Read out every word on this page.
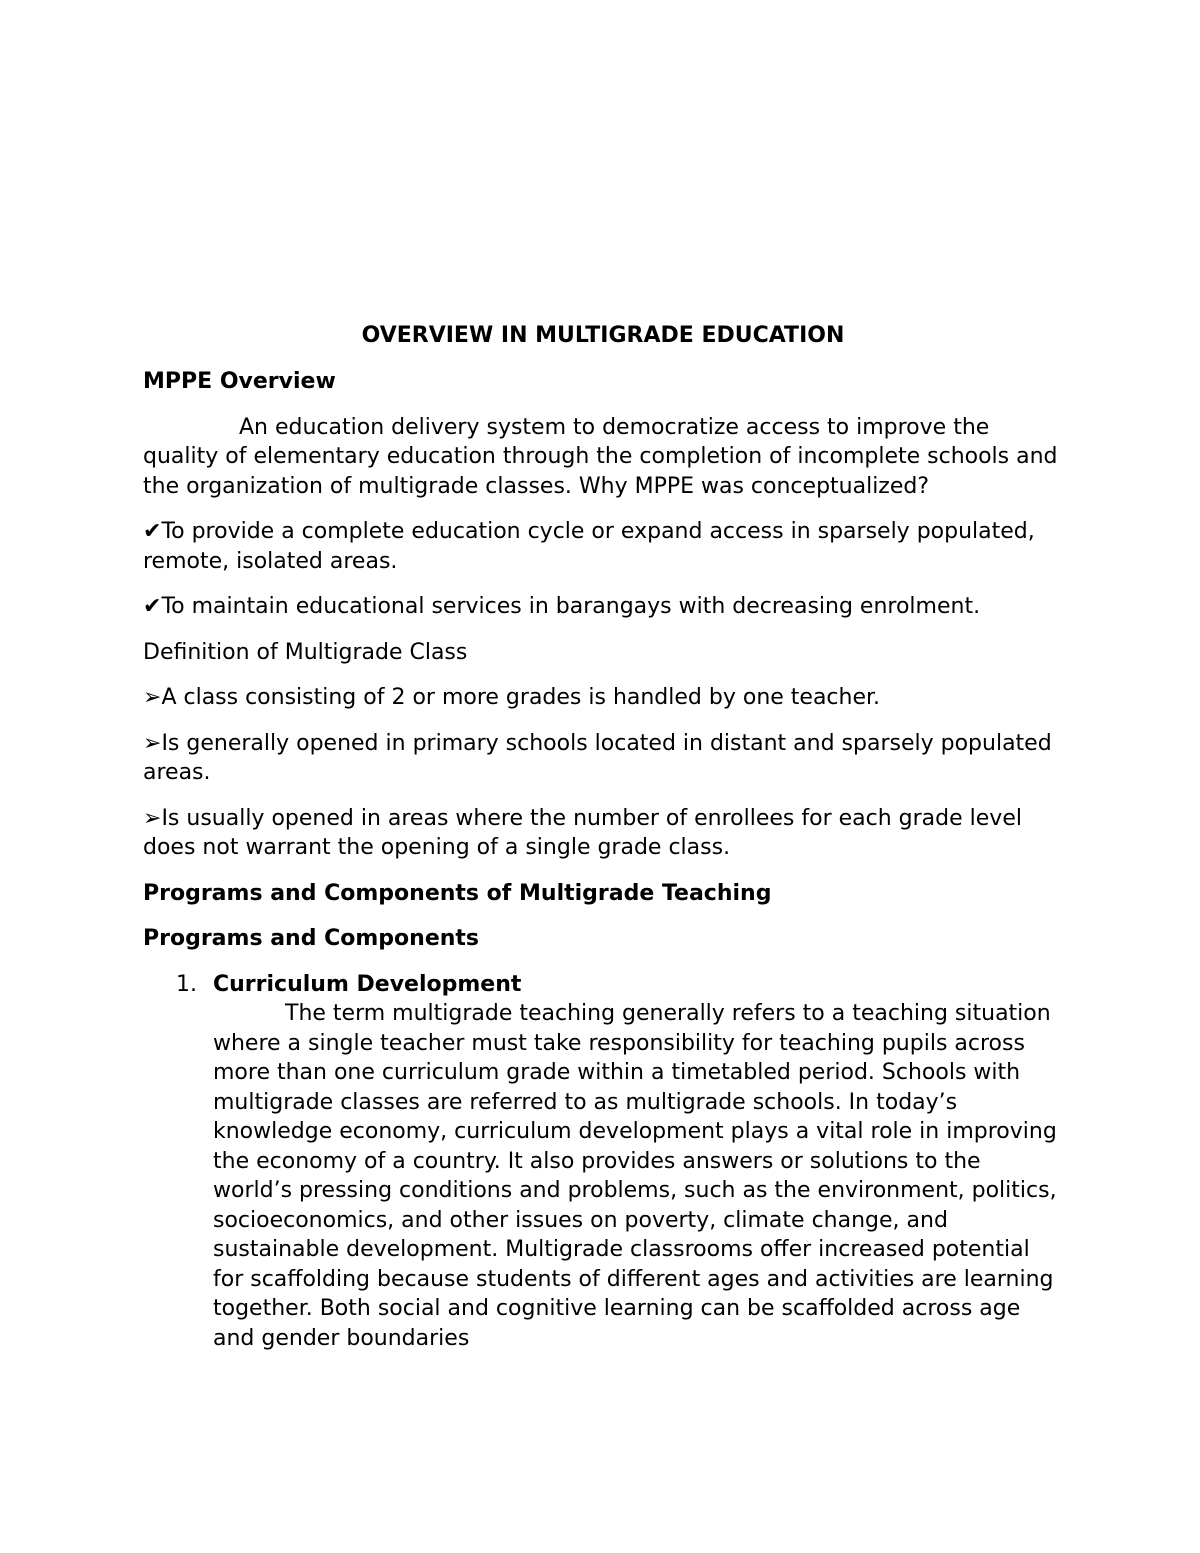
OVERVIEW IN MULTIGRADE EDUCATION
MPPE Overview
An education delivery system to democratize access to improve the quality of elementary education through the completion of incomplete schools and the organization of multigrade classes. Why MPPE was conceptualized?
✔To provide a complete education cycle or expand access in sparsely populated, remote, isolated areas.
✔To maintain educational services in barangays with decreasing enrolment.
Definition of Multigrade Class
➢A class consisting of 2 or more grades is handled by one teacher.
➢Is generally opened in primary schools located in distant and sparsely populated areas.
➢Is usually opened in areas where the number of enrollees for each grade level does not warrant the opening of a single grade class.
Programs and Components of Multigrade Teaching
Programs and Components
1. Curriculum Development
The term multigrade teaching generally refers to a teaching situation where a single teacher must take responsibility for teaching pupils across more than one curriculum grade within a timetabled period. Schools with multigrade classes are referred to as multigrade schools. In today’s knowledge economy, curriculum development plays a vital role in improving the economy of a country. It also provides answers or solutions to the world’s pressing conditions and problems, such as the environment, politics, socioeconomics, and other issues on poverty, climate change, and sustainable development. Multigrade classrooms offer increased potential for scaffolding because students of different ages and activities are learning together. Both social and cognitive learning can be scaffolded across age and gender boundaries
